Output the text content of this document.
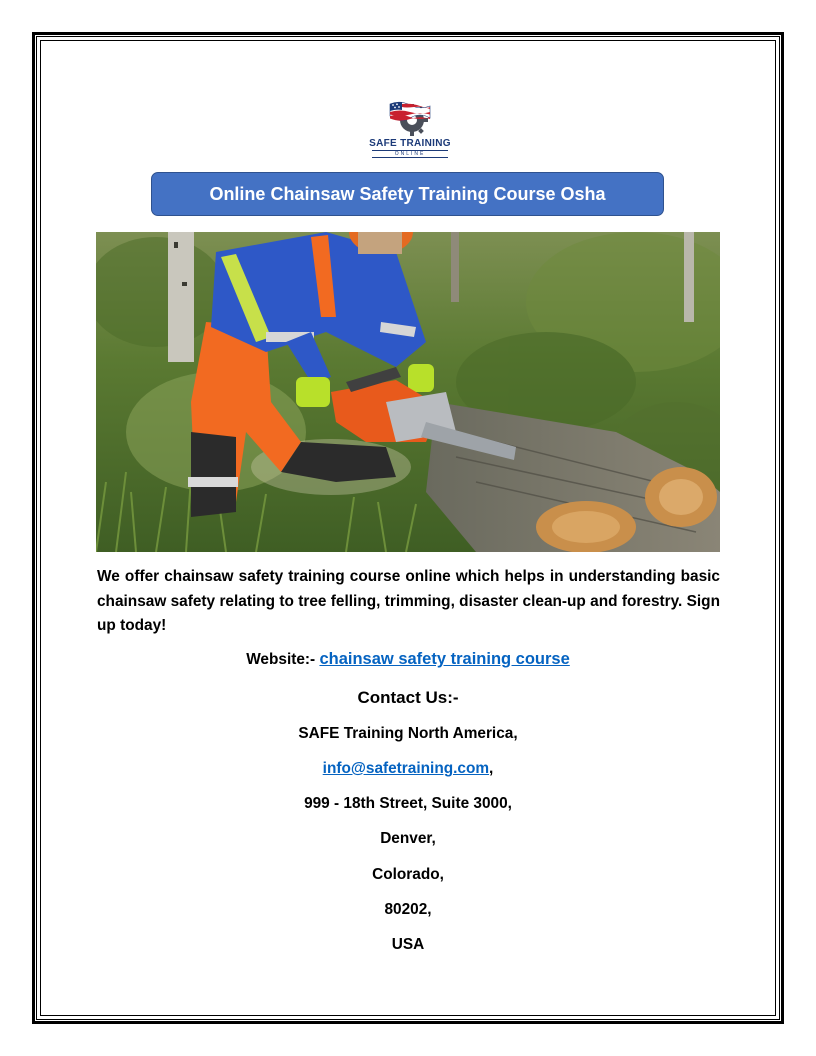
SAFE TRAINING
ONLINE
Online Chainsaw Safety Training Course Osha
We offer chainsaw safety training course online which helps in understanding basic chainsaw safety relating to tree felling, trimming, disaster clean-up and forestry. Sign up today!
Website:- chainsaw safety training course
Contact Us:-
SAFE Training North America,
info@safetraining.com,
999 - 18th Street, Suite 3000,
Denver,
Colorado,
80202,
USA
